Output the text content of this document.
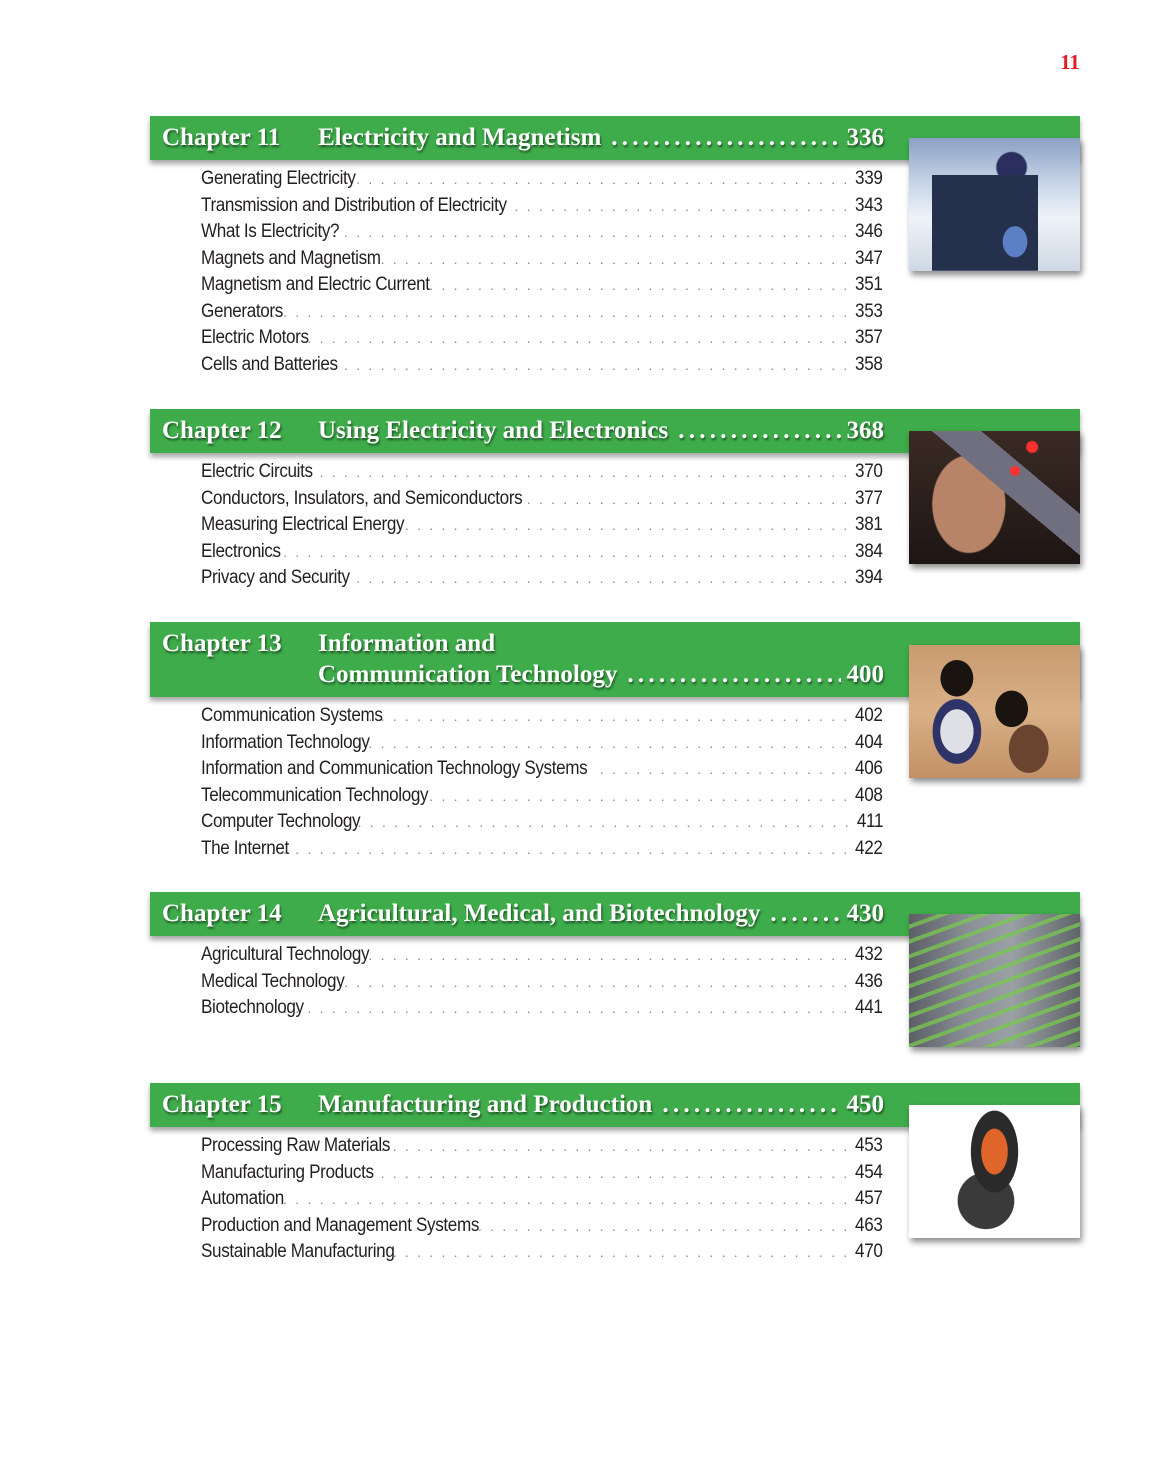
11
Chapter 11	Electricity and Magnetism . . .	336
Generating Electricity . . .	339
Transmission and Distribution of Electricity . . .	343
What Is Electricity? . . .	346
Magnets and Magnetism . . .	347
Magnetism and Electric Current . . .	351
Generators . . .	353
Electric Motors . . .	357
Cells and Batteries . . .	358
Chapter 12	Using Electricity and Electronics . . .	368
Electric Circuits . . .	370
Conductors, Insulators, and Semiconductors . . .	377
Measuring Electrical Energy . . .	381
Electronics . . .	384
Privacy and Security . . .	394
Chapter 13	Information and
Communication Technology . . .	400
Communication Systems . . .	402
Information Technology . . .	404
Information and Communication Technology Systems . . .	406
Telecommunication Technology . . .	408
Computer Technology . . .	411
The Internet . . .	422
Chapter 14	Agricultural, Medical, and Biotechnology . . .	430
Agricultural Technology . . .	432
Medical Technology . . .	436
Biotechnology . . .	441
Chapter 15	Manufacturing and Production . . .	450
Processing Raw Materials . . .	453
Manufacturing Products . . .	454
Automation . . .	457
Production and Management Systems . . .	463
Sustainable Manufacturing . . .	470
